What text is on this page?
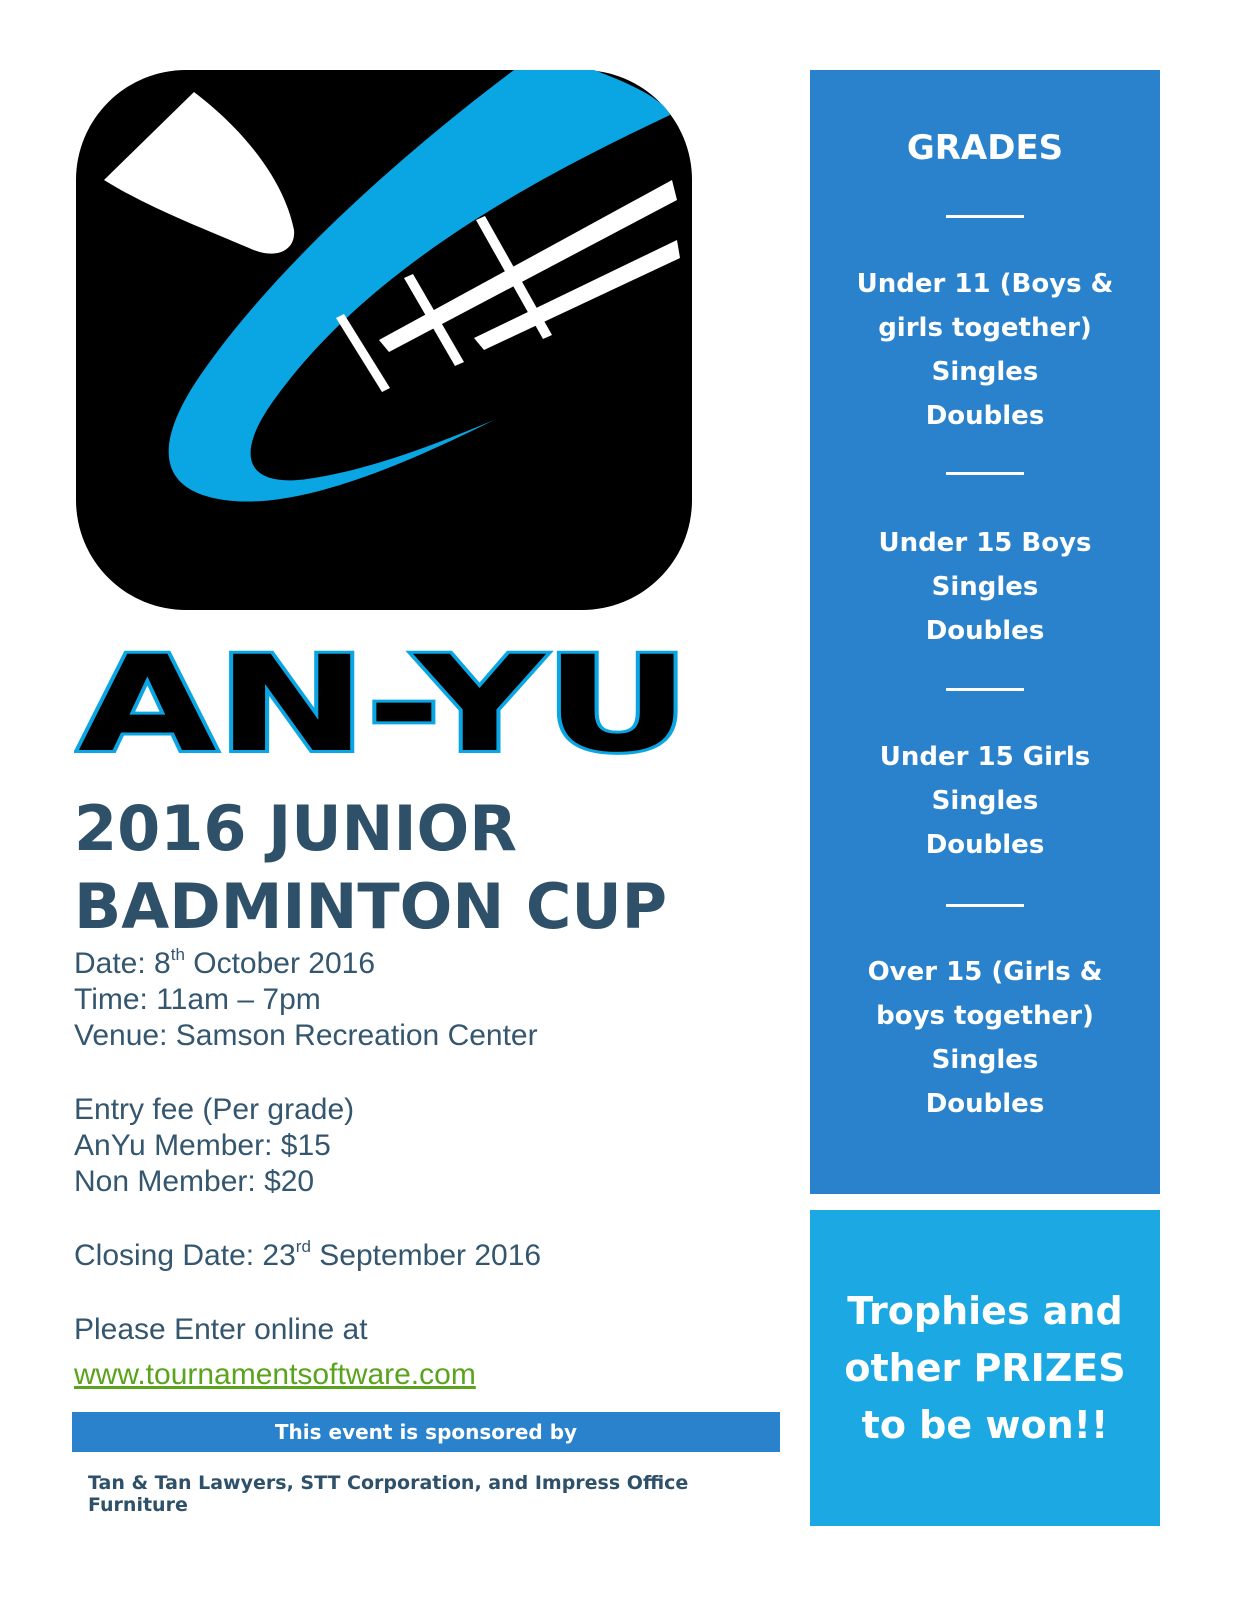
AN-YU
2016 JUNIOR
BADMINTON CUP
Date: 8th October 2016
Time: 11am – 7pm
Venue: Samson Recreation Center
Entry fee (Per grade)
AnYu Member: $15
Non Member: $20
Closing Date: 23rd September 2016
Please Enter online at
www.tournamentsoftware.com
This event is sponsored by
Tan & Tan Lawyers, STT Corporation, and Impress Office Furniture
GRADES
Under 11 (Boys &
girls together)
Singles
Doubles
Under 15 Boys
Singles
Doubles
Under 15 Girls
Singles
Doubles
Over 15 (Girls &
boys together)
Singles
Doubles
Trophies and other PRIZES to be won!!
